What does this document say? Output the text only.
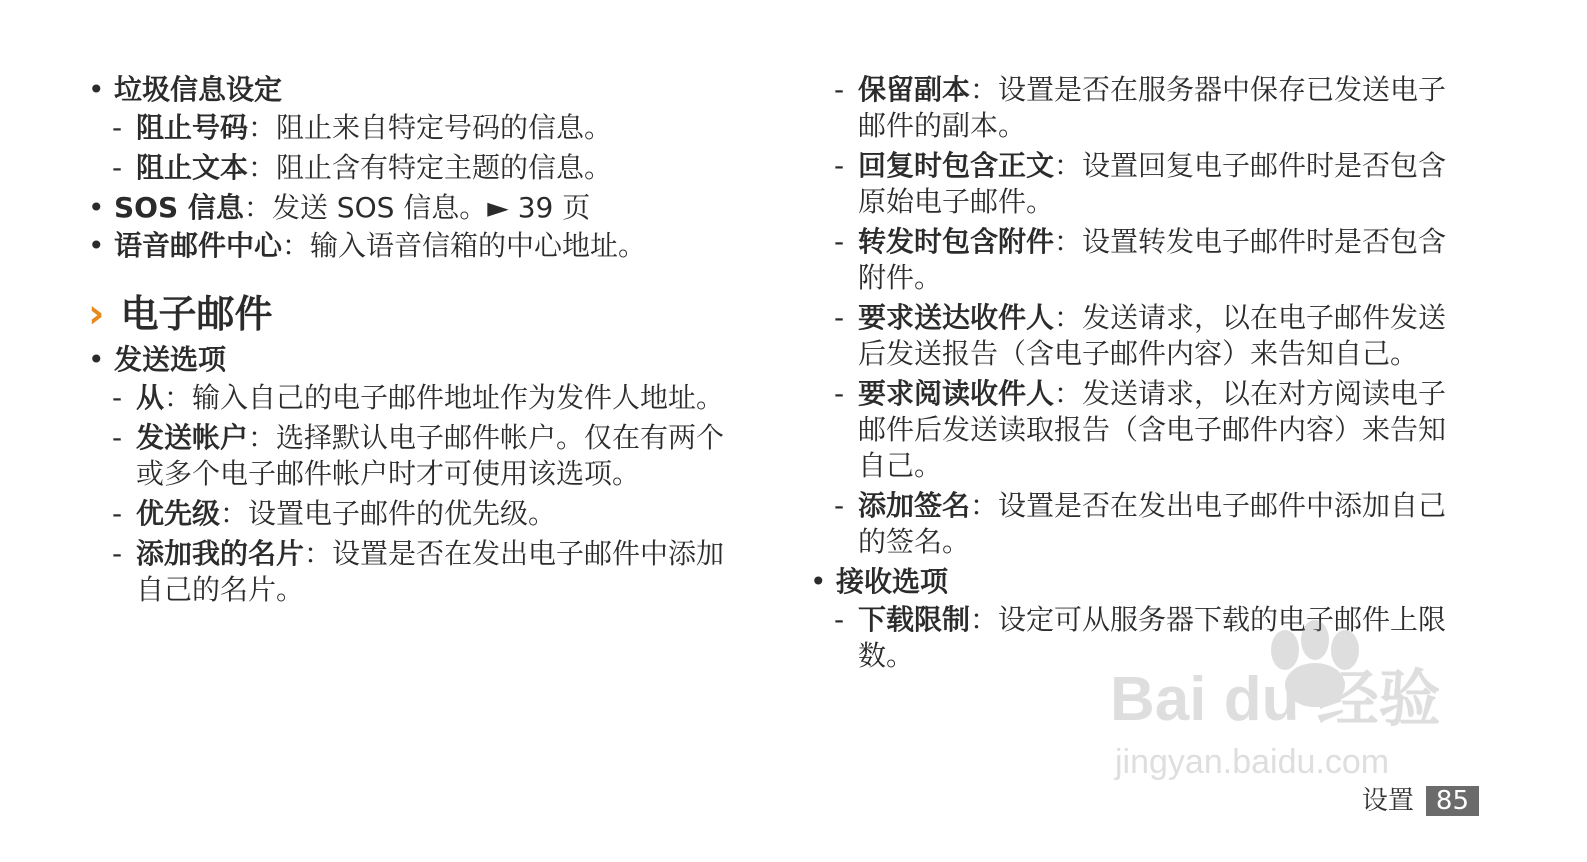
• 垃圾信息设定
- 阻止号码：阻止来自特定号码的信息。
- 阻止文本：阻止含有特定主题的信息。
• SOS 信息：发送 SOS 信息。► 39 页
• 语音邮件中心：输入语音信箱的中心地址。
› 电子邮件
• 发送选项
- 从：输入自己的电子邮件地址作为发件人地址。
- 发送帐户：选择默认电子邮件帐户。仅在有两个或多个电子邮件帐户时才可使用该选项。
- 优先级：设置电子邮件的优先级。
- 添加我的名片：设置是否在发出电子邮件中添加自己的名片。
- 保留副本：设置是否在服务器中保存已发送电子邮件的副本。
- 回复时包含正文：设置回复电子邮件时是否包含原始电子邮件。
- 转发时包含附件：设置转发电子邮件时是否包含附件。
- 要求送达收件人：发送请求，以在电子邮件发送后发送报告（含电子邮件内容）来告知自己。
- 要求阅读收件人：发送请求，以在对方阅读电子邮件后发送读取报告（含电子邮件内容）来告知自己。
- 添加签名：设置是否在发出电子邮件中添加自己的签名。
• 接收选项
- 下载限制：设定可从服务器下载的电子邮件上限数。
Bai du 经验
jingyan.baidu.com
设置 85
